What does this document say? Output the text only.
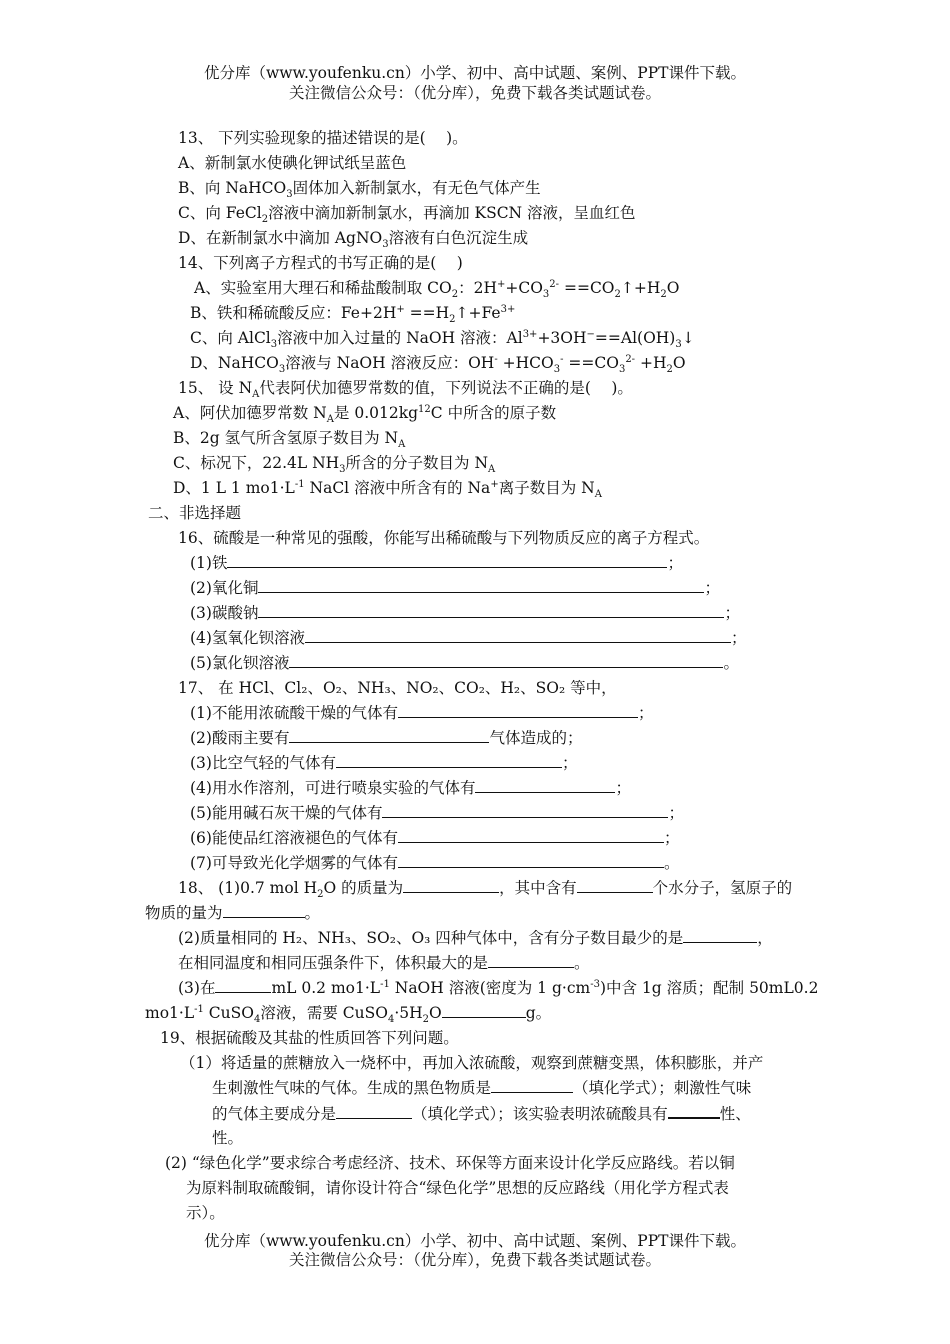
优分库（www.youfenku.cn）小学、初中、高中试题、案例、PPT课件下载。
关注微信公众号：（优分库），免费下载各类试题试卷。
13、 下列实验现象的描述错误的是(　 )。
A、新制氯水使碘化钾试纸呈蓝色
B、向 NaHCO$_3$固体加入新制氯水，有无色气体产生
C、向 FeCl$_2$溶液中滴加新制氯水，再滴加 KSCN 溶液，呈血红色
D、在新制氯水中滴加 AgNO$_3$溶液有白色沉淀生成
14、下列离子方程式的书写正确的是(　 )
A、实验室用大理石和稀盐酸制取 $CO_2$：$2H^++CO_3^{2-}$ $==CO_2↑+H_2O$
B、铁和稀硫酸反应：$Fe+2H^+ ==H_2↑+Fe^{3+}$
C、向 AlCl$_3$溶液中加入过量的 NaOH 溶液：$Al^{3+}+3OH^-==Al(OH)_3↓$
D、NaHCO$_3$溶液与 NaOH 溶液反应：$OH^- +HCO_3^- ==CO_3^{2-} +H_2O$
15、 设 $N_A$代表阿伏加德罗常数的值，下列说法不正确的是(　 )。
A、阿伏加德罗常数 $N_A$是 $0.012kg^{12}C$ 中所含的原子数
B、2g 氢气所含氢原子数目为 $N_A$
C、标况下，22.4L $NH_3$所含的分子数目为 $N_A$
D、1 L 1 $mo1\cdot L^{-1}$ NaCl 溶液中所含有的 Na+离子数目为 $N_A$
二、非选择题
16、硫酸是一种常见的强酸，你能写出稀硫酸与下列物质反应的离子方程式。
(1)铁	；
(2)氧化铜	；
(3)碳酸钠	；
(4)氢氧化钡溶液	；
(5)氯化钡溶液	。
17、 在 HCl、Cl₂、O₂、NH₃、NO₂、CO₂、H₂、SO₂ 等中，
(1)不能用浓硫酸干燥的气体有	；
(2)酸雨主要有	气体造成的；
(3)比空气轻的气体有	；
(4)用水作溶剂，可进行喷泉实验的气体有	；
(5)能用碱石灰干燥的气体有	；
(6)能使品红溶液褪色的气体有	；
(7)可导致光化学烟雾的气体有	。
18、 (1)0.7 mol $H_2O$ 的质量为	，其中含有	个水分子，氢原子的
物质的量为	。
(2)质量相同的 H₂、NH₃、SO₂、O₃ 四种气体中，含有分子数目最少的是	，
在相同温度和相同压强条件下，体积最大的是	。
(3)在	mL 0.2 $mo1\cdot L^{-1}$ NaOH 溶液(密度为 1 $g\cdot cm^{-3}$)中含 1g 溶质；配制 50mL0.2
$mo1\cdot L^{-1}$ CuSO$_4$溶液，需要 $CuSO_4\cdot 5H_2O$	g。
19、根据硫酸及其盐的性质回答下列问题。
（1）将适量的蔗糖放入一烧杯中，再加入浓硫酸，观察到蔗糖变黑，体积膨胀，并产
生刺激性气味的气体。生成的黑色物质是	（填化学式）；刺激性气味
的气体主要成分是	（填化学式）；该实验表明浓硫酸具有	性、
性。
(2) “绿色化学”要求综合考虑经济、技术、环保等方面来设计化学反应路线。若以铜
为原料制取硫酸铜，请你设计符合“绿色化学”思想的反应路线（用化学方程式表
示）。
优分库（www.youfenku.cn）小学、初中、高中试题、案例、PPT课件下载。
关注微信公众号：（优分库），免费下载各类试题试卷。
